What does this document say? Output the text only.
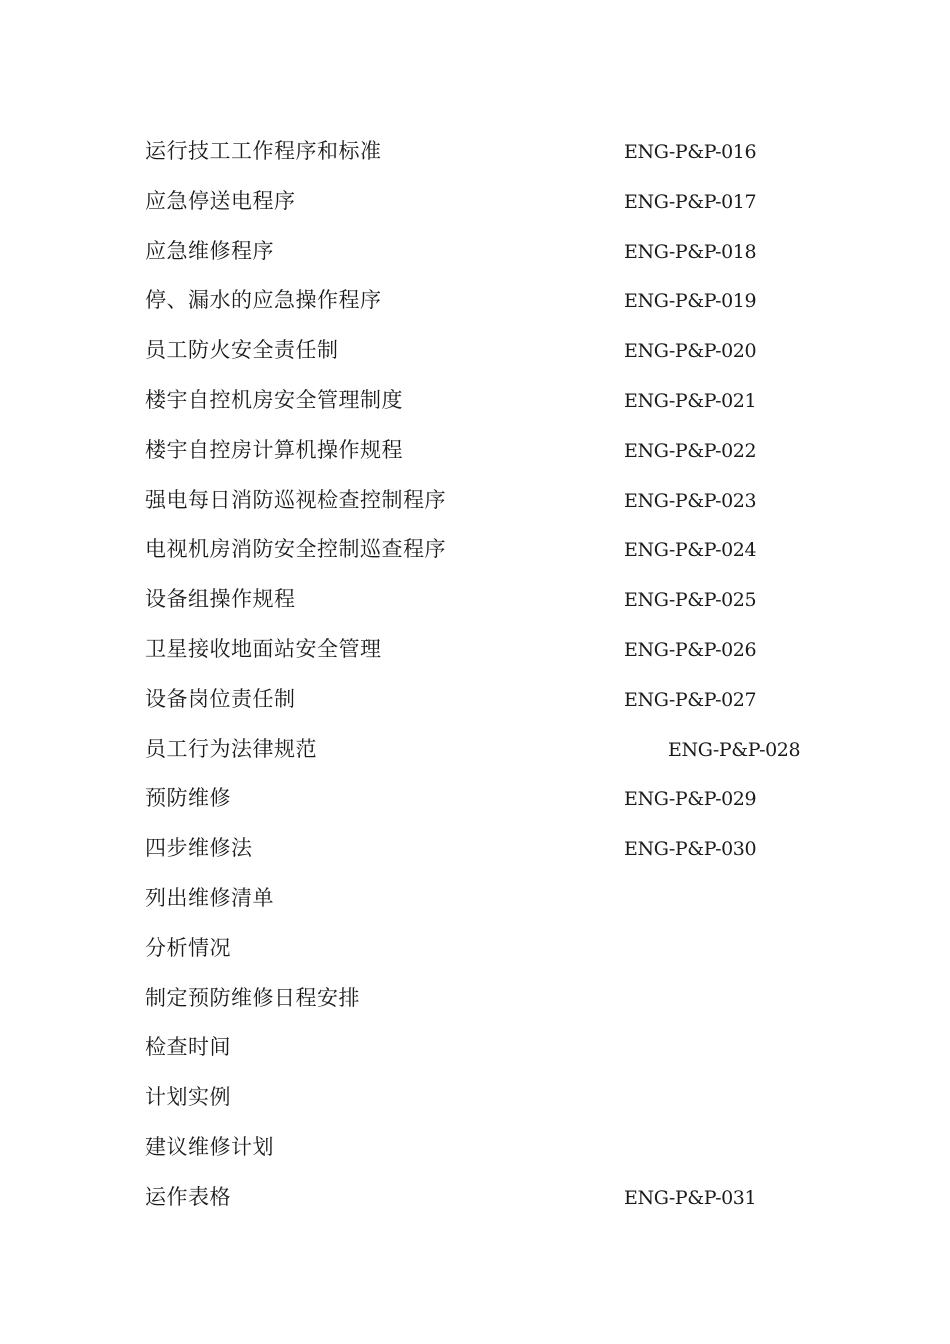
运行技工工作程序和标准	ENG-P&P-016
应急停送电程序	ENG-P&P-017
应急维修程序	ENG-P&P-018
停、漏水的应急操作程序	ENG-P&P-019
员工防火安全责任制	ENG-P&P-020
楼宇自控机房安全管理制度	ENG-P&P-021
楼宇自控房计算机操作规程	ENG-P&P-022
强电每日消防巡视检查控制程序	ENG-P&P-023
电视机房消防安全控制巡查程序	ENG-P&P-024
设备组操作规程	ENG-P&P-025
卫星接收地面站安全管理	ENG-P&P-026
设备岗位责任制	ENG-P&P-027
员工行为法律规范	ENG-P&P-028
预防维修	ENG-P&P-029
四步维修法	ENG-P&P-030
列出维修清单
分析情况
制定预防维修日程安排
检查时间
计划实例
建议维修计划
运作表格	ENG-P&P-031
